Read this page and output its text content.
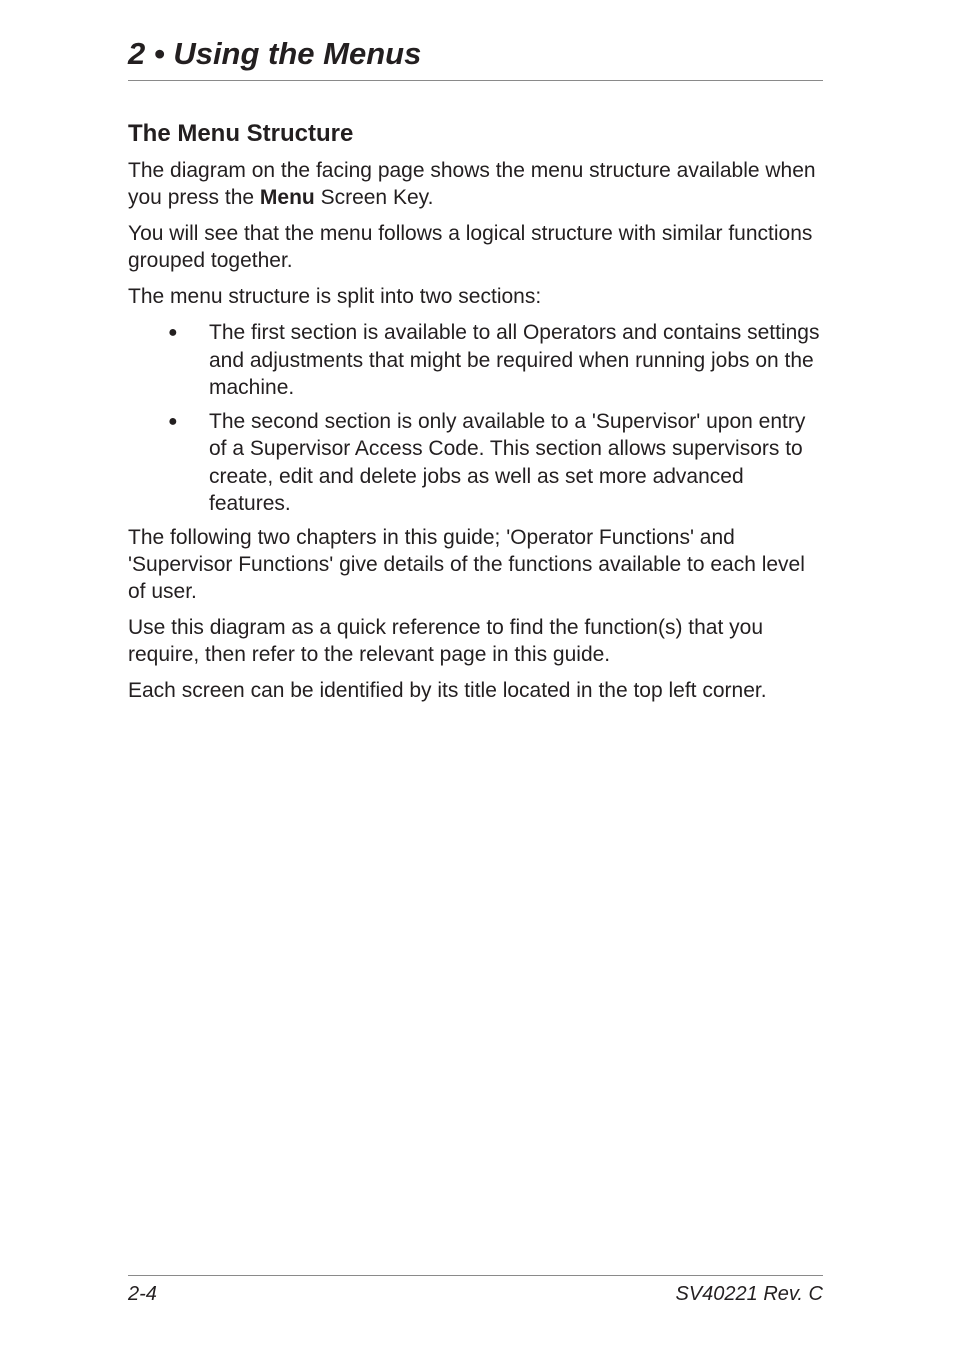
2 • Using the Menus
The Menu Structure

The diagram on the facing page shows the menu structure available when you press the Menu Screen Key.

You will see that the menu follows a logical structure with similar functions grouped together.

The menu structure is split into two sections:

● The first section is available to all Operators and contains settings and adjustments that might be required when running jobs on the machine.
● The second section is only available to a 'Supervisor' upon entry of a Supervisor Access Code. This section allows supervisors to create, edit and delete jobs as well as set more advanced features.

The following two chapters in this guide; 'Operator Functions' and 'Supervisor Functions' give details of the functions available to each level of user.

Use this diagram as a quick reference to find the function(s) that you require, then refer to the relevant page in this guide.

Each screen can be identified by its title located in the top left corner.

2-4	SV40221 Rev. C
